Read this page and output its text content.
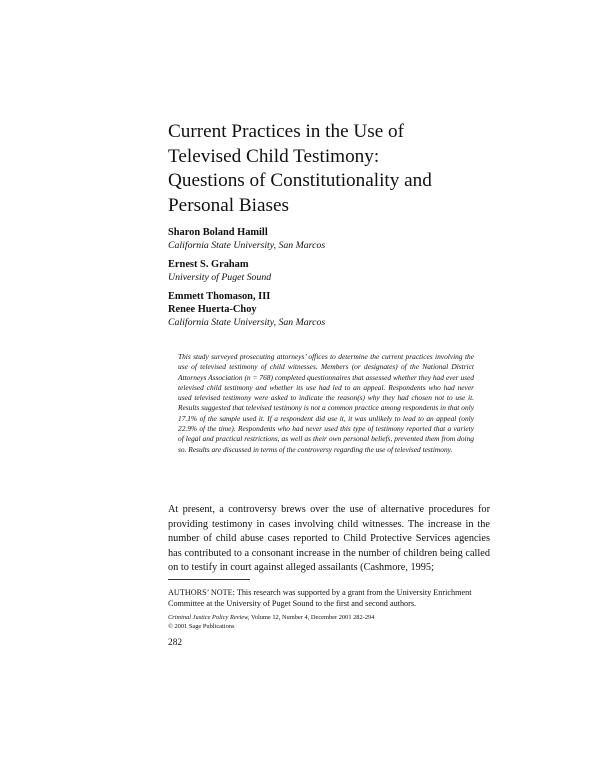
Current Practices in the Use of
Televised Child Testimony:
Questions of Constitutionality and
Personal Biases
Sharon Boland Hamill
California State University, San Marcos
Ernest S. Graham
University of Puget Sound
Emmett Thomason, III
Renee Huerta-Choy
California State University, San Marcos

This study surveyed prosecuting attorneys’ offices to determine the current practices involving the use of televised testimony of child witnesses. Members (or designates) of the National District Attorneys Association (n = 768) completed questionnaires that assessed whether they had ever used televised child testimony and whether its use had led to an appeal. Respondents who had never used televised testimony were asked to indicate the reason(s) why they had chosen not to use it. Results suggested that televised testimony is not a common practice among respondents in that only 17.1% of the sample used it. If a respondent did use it, it was unlikely to lead to an appeal (only 22.9% of the time). Respondents who had never used this type of testimony reported that a variety of legal and practical restrictions, as well as their own personal beliefs, prevented them from doing so. Results are discussed in terms of the controversy regarding the use of televised testimony.

At present, a controversy brews over the use of alternative procedures for providing testimony in cases involving child witnesses. The increase in the number of child abuse cases reported to Child Protective Services agencies has contributed to a consonant increase in the number of children being called on to testify in court against alleged assailants (Cashmore, 1995;

AUTHORS’ NOTE: This research was supported by a grant from the University Enrichment Committee at the University of Puget Sound to the first and second authors.

Criminal Justice Policy Review, Volume 12, Number 4, December 2001 282-294
© 2001 Sage Publications
282
